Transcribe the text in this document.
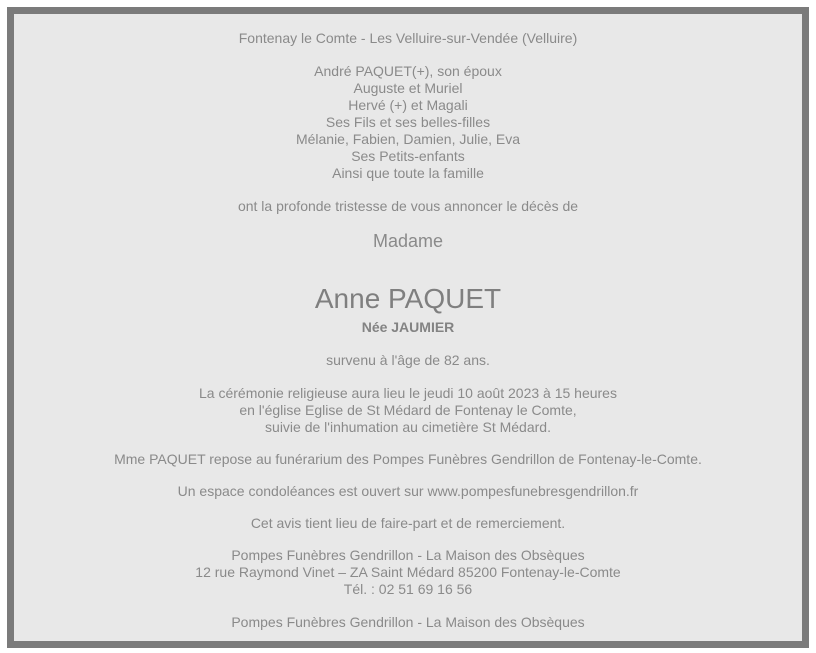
Fontenay le Comte - Les Velluire-sur-Vendée (Velluire)
André PAQUET(+), son époux
Auguste et Muriel
Hervé (+) et Magali
Ses Fils et ses belles-filles
Mélanie, Fabien, Damien, Julie, Eva
Ses Petits-enfants
Ainsi que toute la famille
ont la profonde tristesse de vous annoncer le décès de
Madame
Anne PAQUET
Née JAUMIER
survenu à l'âge de 82 ans.
La cérémonie religieuse aura lieu le jeudi 10 août 2023 à 15 heures
en l'église Eglise de St Médard de Fontenay le Comte,
suivie de l'inhumation au cimetière St Médard.
Mme PAQUET repose au funérarium des Pompes Funèbres Gendrillon de Fontenay-le-Comte.
Un espace condoléances est ouvert sur www.pompesfunebresgendrillon.fr
Cet avis tient lieu de faire-part et de remerciement.
Pompes Funèbres Gendrillon - La Maison des Obsèques
12 rue Raymond Vinet – ZA Saint Médard 85200 Fontenay-le-Comte
Tél. : 02 51 69 16 56
Pompes Funèbres Gendrillon - La Maison des Obsèques
